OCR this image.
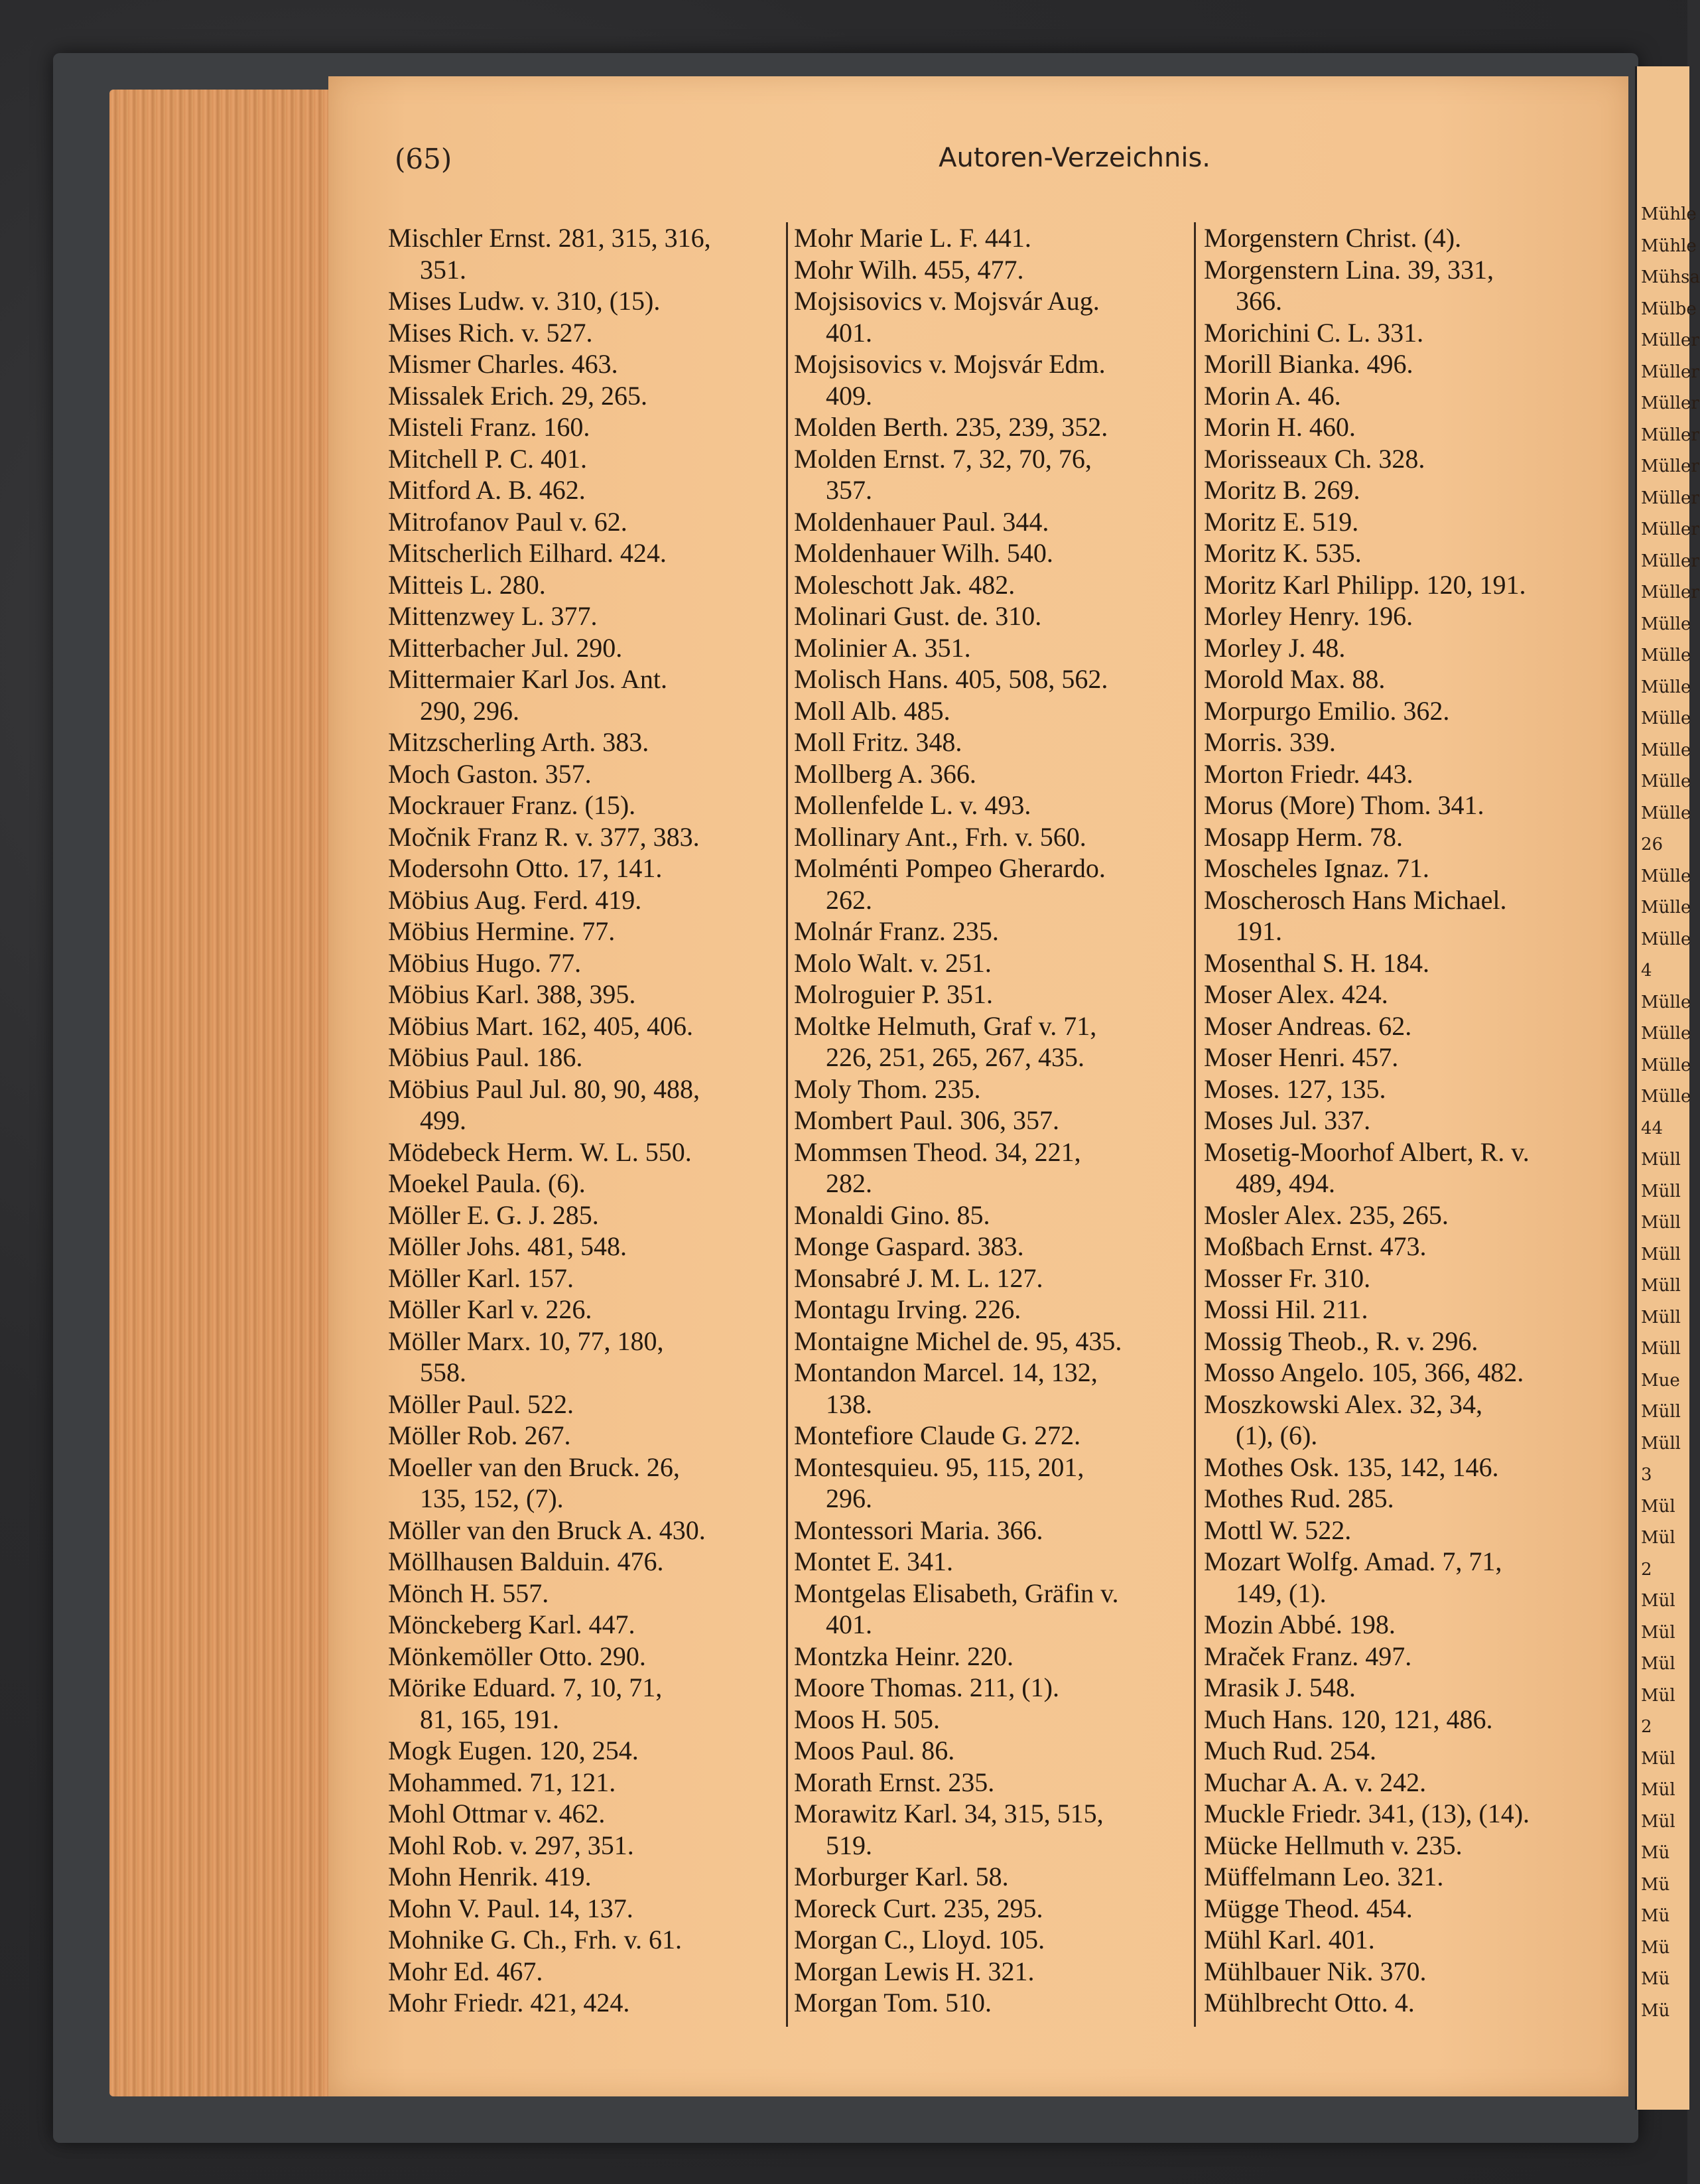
Mühle
Mühle
Mühsa
Mülbe
Müller
Müller
Müller
Müller
Müller
Müller
Müller
Müller
Müller
Mülle
Mülle
Mülle
Mülle
Mülle
Mülle
Mülle
26
Mülle
Mülle
Mülle
4
Mülle
Mülle
Mülle
Mülle
44
Müll
Müll
Müll
Müll
Müll
Müll
Müll
Mue
Müll
Müll
3
Mül
Mül
2
Mül
Mül
Mül
Mül
2
Mül
Mül
Mül
Mü
Mü
Mü
Mü
Mü
Mü
(65)	Autoren-Verzeichnis.
Mischler Ernst. 281, 315, 316,
351.
Mises Ludw. v. 310, (15).
Mises Rich. v. 527.
Mismer Charles. 463.
Missalek Erich. 29, 265.
Misteli Franz. 160.
Mitchell P. C. 401.
Mitford A. B. 462.
Mitrofanov Paul v. 62.
Mitscherlich Eilhard. 424.
Mitteis L. 280.
Mittenzwey L. 377.
Mitterbacher Jul. 290.
Mittermaier Karl Jos. Ant.
290, 296.
Mitzscherling Arth. 383.
Moch Gaston. 357.
Mockrauer Franz. (15).
Močnik Franz R. v. 377, 383.
Modersohn Otto. 17, 141.
Möbius Aug. Ferd. 419.
Möbius Hermine. 77.
Möbius Hugo. 77.
Möbius Karl. 388, 395.
Möbius Mart. 162, 405, 406.
Möbius Paul. 186.
Möbius Paul Jul. 80, 90, 488,
499.
Mödebeck Herm. W. L. 550.
Moekel Paula. (6).
Möller E. G. J. 285.
Möller Johs. 481, 548.
Möller Karl. 157.
Möller Karl v. 226.
Möller Marx. 10, 77, 180,
558.
Möller Paul. 522.
Möller Rob. 267.
Moeller van den Bruck. 26,
135, 152, (7).
Möller van den Bruck A. 430.
Möllhausen Balduin. 476.
Mönch H. 557.
Mönckeberg Karl. 447.
Mönkemöller Otto. 290.
Mörike Eduard. 7, 10, 71,
81, 165, 191.
Mogk Eugen. 120, 254.
Mohammed. 71, 121.
Mohl Ottmar v. 462.
Mohl Rob. v. 297, 351.
Mohn Henrik. 419.
Mohn V. Paul. 14, 137.
Mohnike G. Ch., Frh. v. 61.
Mohr Ed. 467.
Mohr Friedr. 421, 424.
Mohr Marie L. F. 441.
Mohr Wilh. 455, 477.
Mojsisovics v. Mojsvár Aug.
401.
Mojsisovics v. Mojsvár Edm.
409.
Molden Berth. 235, 239, 352.
Molden Ernst. 7, 32, 70, 76,
357.
Moldenhauer Paul. 344.
Moldenhauer Wilh. 540.
Moleschott Jak. 482.
Molinari Gust. de. 310.
Molinier A. 351.
Molisch Hans. 405, 508, 562.
Moll Alb. 485.
Moll Fritz. 348.
Mollberg A. 366.
Mollenfelde L. v. 493.
Mollinary Ant., Frh. v. 560.
Molménti Pompeo Gherardo.
262.
Molnár Franz. 235.
Molo Walt. v. 251.
Molroguier P. 351.
Moltke Helmuth, Graf v. 71,
226, 251, 265, 267, 435.
Moly Thom. 235.
Mombert Paul. 306, 357.
Mommsen Theod. 34, 221,
282.
Monaldi Gino. 85.
Monge Gaspard. 383.
Monsabré J. M. L. 127.
Montagu Irving. 226.
Montaigne Michel de. 95, 435.
Montandon Marcel. 14, 132,
138.
Montefiore Claude G. 272.
Montesquieu. 95, 115, 201,
296.
Montessori Maria. 366.
Montet E. 341.
Montgelas Elisabeth, Gräfin v.
401.
Montzka Heinr. 220.
Moore Thomas. 211, (1).
Moos H. 505.
Moos Paul. 86.
Morath Ernst. 235.
Morawitz Karl. 34, 315, 515,
519.
Morburger Karl. 58.
Moreck Curt. 235, 295.
Morgan C., Lloyd. 105.
Morgan Lewis H. 321.
Morgan Tom. 510.
Morgenstern Christ. (4).
Morgenstern Lina. 39, 331,
366.
Morichini C. L. 331.
Morill Bianka. 496.
Morin A. 46.
Morin H. 460.
Morisseaux Ch. 328.
Moritz B. 269.
Moritz E. 519.
Moritz K. 535.
Moritz Karl Philipp. 120, 191.
Morley Henry. 196.
Morley J. 48.
Morold Max. 88.
Morpurgo Emilio. 362.
Morris. 339.
Morton Friedr. 443.
Morus (More) Thom. 341.
Mosapp Herm. 78.
Moscheles Ignaz. 71.
Moscherosch Hans Michael.
191.
Mosenthal S. H. 184.
Moser Alex. 424.
Moser Andreas. 62.
Moser Henri. 457.
Moses. 127, 135.
Moses Jul. 337.
Mosetig-Moorhof Albert, R. v.
489, 494.
Mosler Alex. 235, 265.
Moßbach Ernst. 473.
Mosser Fr. 310.
Mossi Hil. 211.
Mossig Theob., R. v. 296.
Mosso Angelo. 105, 366, 482.
Moszkowski Alex. 32, 34,
(1), (6).
Mothes Osk. 135, 142, 146.
Mothes Rud. 285.
Mottl W. 522.
Mozart Wolfg. Amad. 7, 71,
149, (1).
Mozin Abbé. 198.
Mraček Franz. 497.
Mrasik J. 548.
Much Hans. 120, 121, 486.
Much Rud. 254.
Muchar A. A. v. 242.
Muckle Friedr. 341, (13), (14).
Mücke Hellmuth v. 235.
Müffelmann Leo. 321.
Mügge Theod. 454.
Mühl Karl. 401.
Mühlbauer Nik. 370.
Mühlbrecht Otto. 4.
